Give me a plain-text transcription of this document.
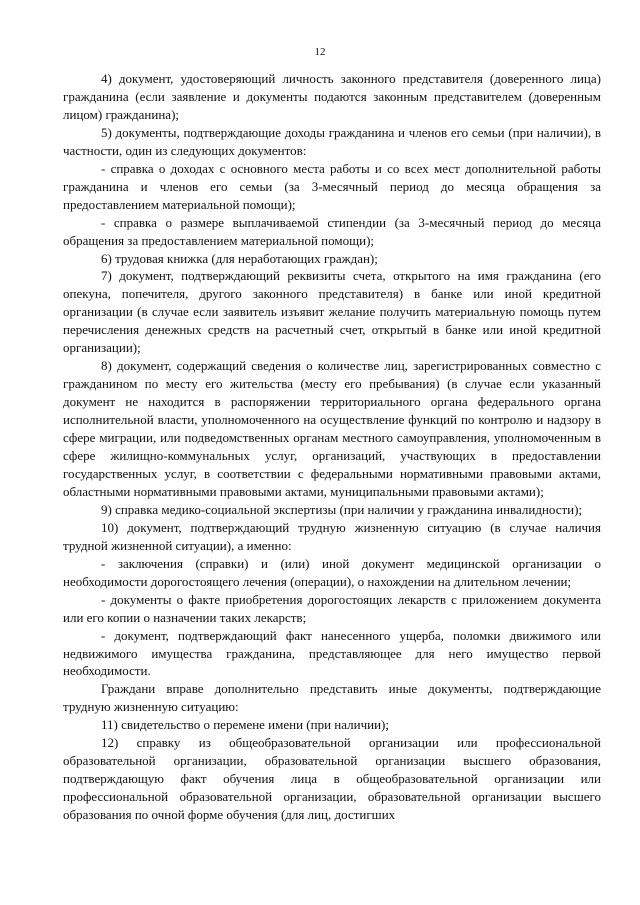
12

4) документ, удостоверяющий личность законного представителя (доверенного лица) гражданина (если заявление и документы подаются законным представителем (доверенным лицом) гражданина);

5) документы, подтверждающие доходы гражданина и членов его семьи (при наличии), в частности, один из следующих документов:

- справка о доходах с основного места работы и со всех мест дополнительной работы гражданина и членов его семьи (за 3-месячный период до месяца обращения за предоставлением материальной помощи);

- справка о размере выплачиваемой стипендии (за 3-месячный период до месяца обращения за предоставлением материальной помощи);

6) трудовая книжка (для неработающих граждан);

7) документ, подтверждающий реквизиты счета, открытого на имя гражданина (его опекуна, попечителя, другого законного представителя) в банке или иной кредитной организации (в случае если заявитель изъявит желание получить материальную помощь путем перечисления денежных средств на расчетный счет, открытый в банке или иной кредитной организации);

8) документ, содержащий сведения о количестве лиц, зарегистрированных совместно с гражданином по месту его жительства (месту его пребывания) (в случае если указанный документ не находится в распоряжении территориального органа федерального органа исполнительной власти, уполномоченного на осуществление функций по контролю и надзору в сфере миграции, или подведомственных органам местного самоуправления, уполномоченным в сфере жилищно-коммунальных услуг, организаций, участвующих в предоставлении государственных услуг, в соответствии с федеральными нормативными правовыми актами, областными нормативными правовыми актами, муниципальными правовыми актами);

9) справка медико-социальной экспертизы (при наличии у гражданина инвалидности);

10) документ, подтверждающий трудную жизненную ситуацию (в случае наличия трудной жизненной ситуации), а именно:

- заключения (справки) и (или) иной документ медицинской организации о необходимости дорогостоящего лечения (операции), о нахождении на длительном лечении;

- документы о факте приобретения дорогостоящих лекарств с приложением документа или его копии о назначении таких лекарств;

- документ, подтверждающий факт нанесенного ущерба, поломки движимого или недвижимого имущества гражданина, представляющее для него имущество первой необходимости.

Граждани вправе дополнительно представить иные документы, подтверждающие трудную жизненную ситуацию:

11) свидетельство о перемене имени (при наличии);

12) справку из общеобразовательной организации или профессиональной образовательной организации, образовательной организации высшего образования, подтверждающую факт обучения лица в общеобразовательной организации или профессиональной образовательной организации, образовательной организации высшего образования по очной форме обучения (для лиц, достигших
